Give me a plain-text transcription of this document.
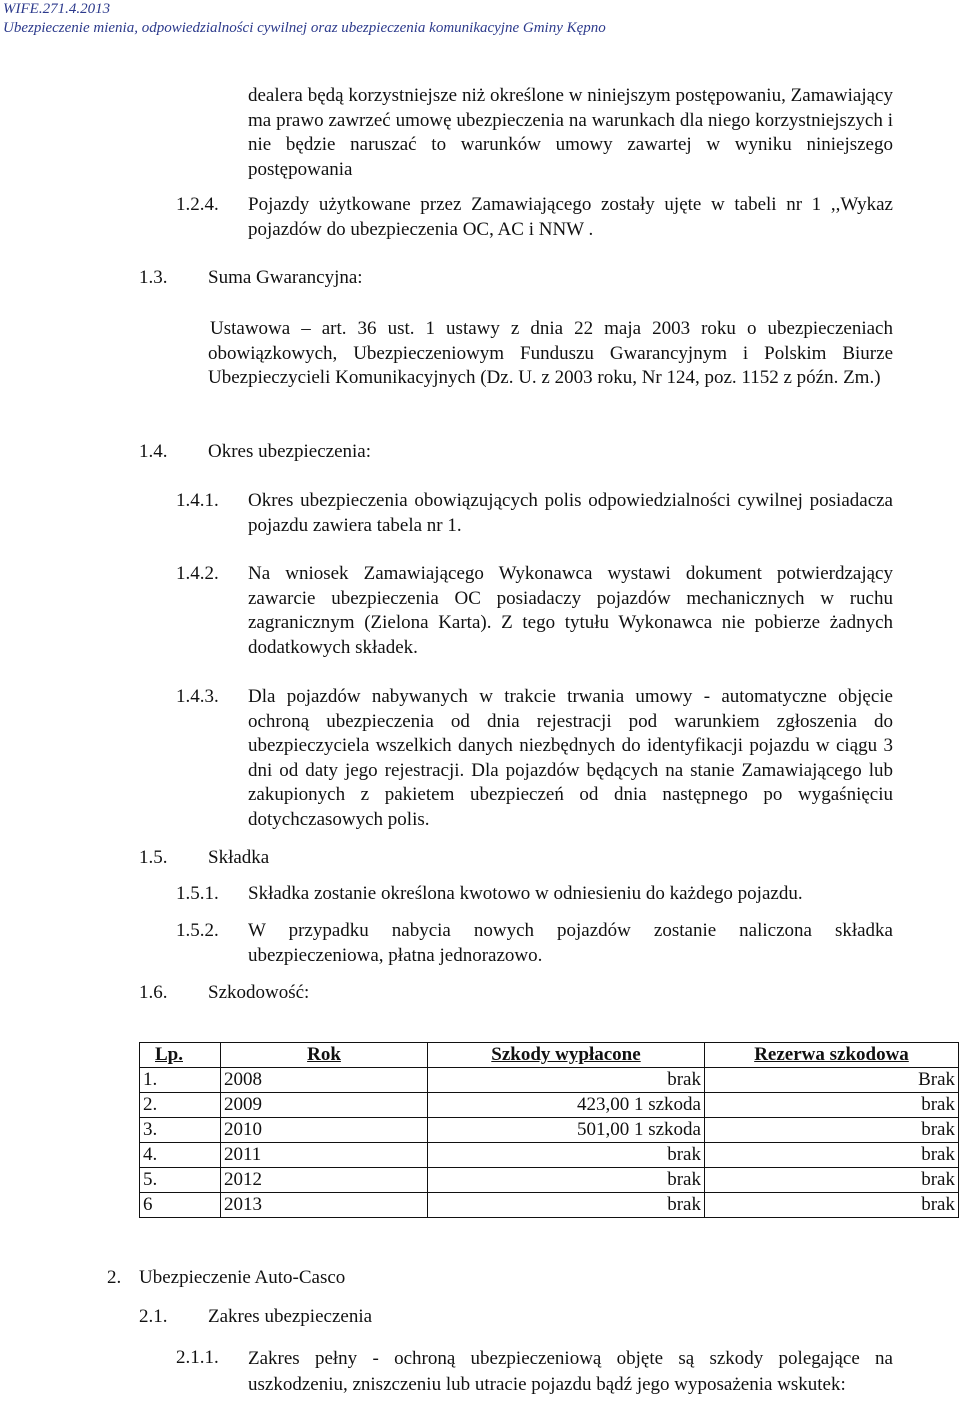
WIFE.271.4.2013
Ubezpieczenie mienia, odpowiedzialności cywilnej oraz ubezpieczenia komunikacyjne Gminy Kępno
dealera będą korzystniejsze niż określone w niniejszym postępowaniu, Zamawiający ma prawo zawrzeć umowę ubezpieczenia na warunkach dla niego korzystniejszych i nie będzie naruszać to warunków umowy zawartej w wyniku niniejszego postępowania
1.2.4. Pojazdy użytkowane przez Zamawiającego zostały ujęte w tabeli nr 1 ,,Wykaz pojazdów do ubezpieczenia OC, AC i NNW .
1.3. Suma Gwarancyjna:
Ustawowa – art. 36 ust. 1 ustawy z dnia 22 maja 2003 roku o ubezpieczeniach obowiązkowych, Ubezpieczeniowym Funduszu Gwarancyjnym i Polskim Biurze Ubezpieczycieli Komunikacyjnych (Dz. U. z 2003 roku, Nr 124, poz. 1152 z późn. Zm.)
1.4. Okres ubezpieczenia:
1.4.1. Okres ubezpieczenia obowiązujących polis odpowiedzialności cywilnej posiadacza pojazdu zawiera tabela nr 1.
1.4.2. Na wniosek Zamawiającego Wykonawca wystawi dokument potwierdzający zawarcie ubezpieczenia OC posiadaczy pojazdów mechanicznych w ruchu zagranicznym (Zielona Karta). Z tego tytułu Wykonawca nie pobierze żadnych dodatkowych składek.
1.4.3. Dla pojazdów nabywanych w trakcie trwania umowy - automatyczne objęcie ochroną ubezpieczenia od dnia rejestracji pod warunkiem zgłoszenia do ubezpieczyciela wszelkich danych niezbędnych do identyfikacji pojazdu w ciągu 3 dni od daty jego rejestracji. Dla pojazdów będących na stanie Zamawiającego lub zakupionych z pakietem ubezpieczeń od dnia następnego po wygaśnięciu dotychczasowych polis.
1.5. Składka
1.5.1. Składka zostanie określona kwotowo w odniesieniu do każdego pojazdu.
1.5.2. W przypadku nabycia nowych pojazdów zostanie naliczona składka ubezpieczeniowa, płatna jednorazowo.
1.6. Szkodowość:
Lp.	Rok	Szkody wypłacone	Rezerwa szkodowa
1.	2008	brak	Brak
2.	2009	423,00 1 szkoda	brak
3.	2010	501,00 1 szkoda	brak
4.	2011	brak	brak
5.	2012	brak	brak
6	2013	brak	brak
2. Ubezpieczenie Auto-Casco
2.1. Zakres ubezpieczenia
2.1.1. Zakres pełny - ochroną ubezpieczeniową objęte są szkody polegające na uszkodzeniu, zniszczeniu lub utracie pojazdu bądź jego wyposażenia wskutek:
